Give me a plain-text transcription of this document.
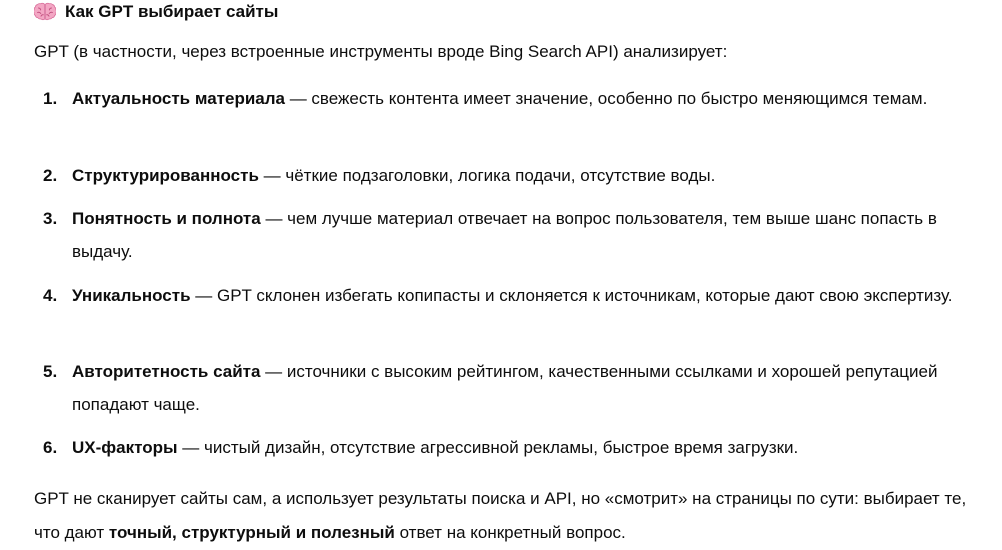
Как GPT выбирает сайты
GPT (в частности, через встроенные инструменты вроде Bing Search API) анализирует:
1. Актуальность материала — свежесть контента имеет значение, особенно по быстро меняющимся темам.
2. Структурированность — чёткие подзаголовки, логика подачи, отсутствие воды.
3. Понятность и полнота — чем лучше материал отвечает на вопрос пользователя, тем выше шанс попасть в выдачу.
4. Уникальность — GPT склонен избегать копипасты и склоняется к источникам, которые дают свою экспертизу.
5. Авторитетность сайта — источники с высоким рейтингом, качественными ссылками и хорошей репутацией попадают чаще.
6. UX-факторы — чистый дизайн, отсутствие агрессивной рекламы, быстрое время загрузки.
GPT не сканирует сайты сам, а использует результаты поиска и API, но «смотрит» на страницы по сути: выбирает те, что дают точный, структурный и полезный ответ на конкретный вопрос.
